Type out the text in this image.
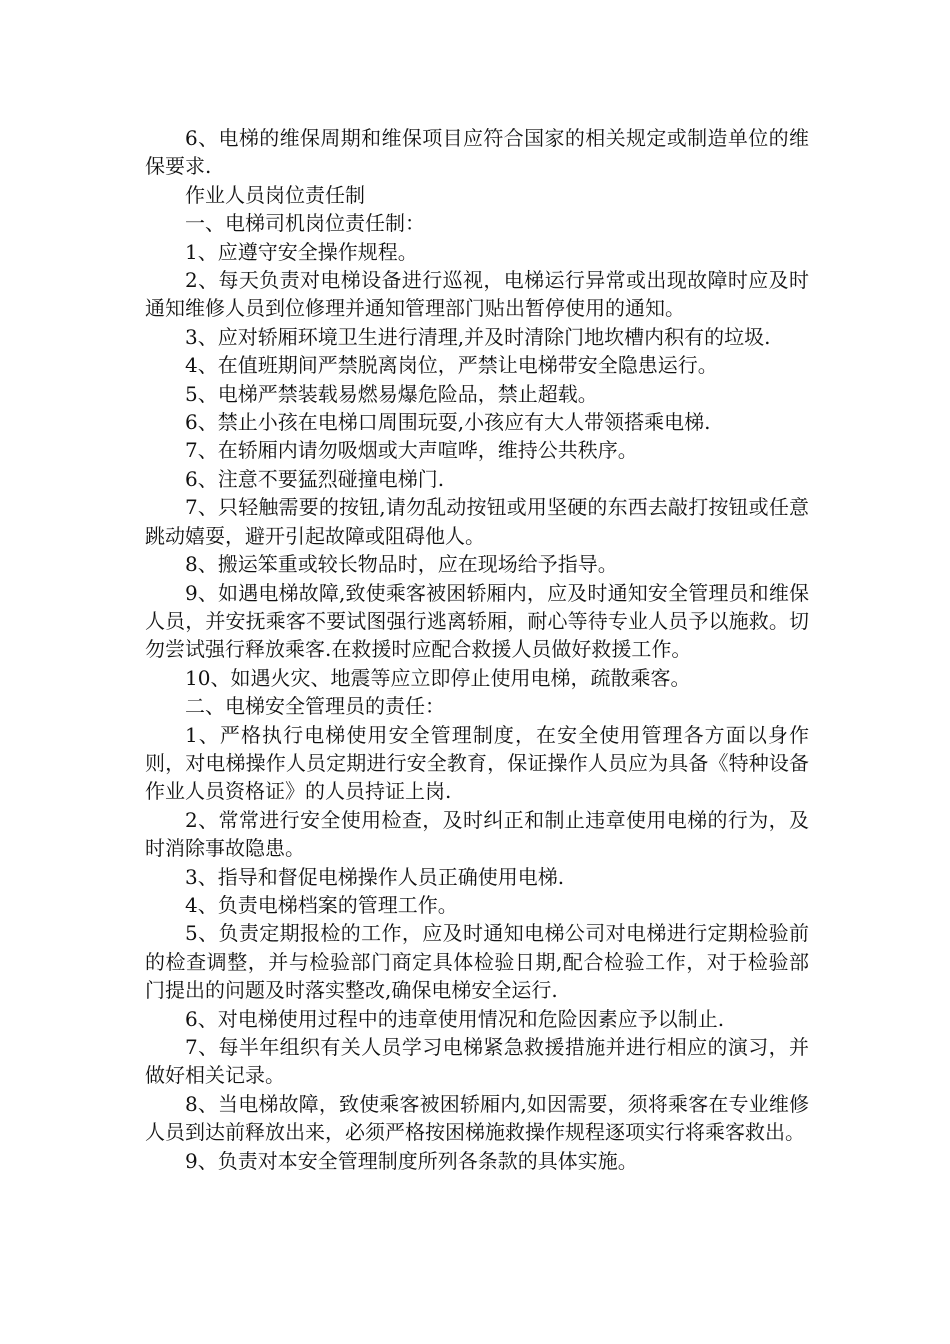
6、电梯的维保周期和维保项目应符合国家的相关规定或制造单位的维保要求.

作业人员岗位责任制

一、电梯司机岗位责任制：

1、应遵守安全操作规程。

2、每天负责对电梯设备进行巡视，电梯运行异常或出现故障时应及时通知维修人员到位修理并通知管理部门贴出暂停使用的通知。

3、应对轿厢环境卫生进行清理,并及时清除门地坎槽内积有的垃圾.

4、在值班期间严禁脱离岗位，严禁让电梯带安全隐患运行。

5、电梯严禁装载易燃易爆危险品，禁止超载。

6、禁止小孩在电梯口周围玩耍,小孩应有大人带领搭乘电梯.

7、在轿厢内请勿吸烟或大声喧哗，维持公共秩序。

6、注意不要猛烈碰撞电梯门.

7、只轻触需要的按钮,请勿乱动按钮或用坚硬的东西去敲打按钮或任意跳动嬉耍，避开引起故障或阻碍他人。

8、搬运笨重或较长物品时，应在现场给予指导。

9、如遇电梯故障,致使乘客被困轿厢内，应及时通知安全管理员和维保人员，并安抚乘客不要试图强行逃离轿厢，耐心等待专业人员予以施救。切勿尝试强行释放乘客.在救援时应配合救援人员做好救援工作。

10、如遇火灾、地震等应立即停止使用电梯，疏散乘客。

二、电梯安全管理员的责任：

1、严格执行电梯使用安全管理制度，在安全使用管理各方面以身作则，对电梯操作人员定期进行安全教育，保证操作人员应为具备《特种设备作业人员资格证》的人员持证上岗.

2、常常进行安全使用检查，及时纠正和制止违章使用电梯的行为，及时消除事故隐患。

3、指导和督促电梯操作人员正确使用电梯.

4、负责电梯档案的管理工作。

5、负责定期报检的工作，应及时通知电梯公司对电梯进行定期检验前的检查调整，并与检验部门商定具体检验日期,配合检验工作，对于检验部门提出的问题及时落实整改,确保电梯安全运行.

6、对电梯使用过程中的违章使用情况和危险因素应予以制止.

7、每半年组织有关人员学习电梯紧急救援措施并进行相应的演习，并做好相关记录。

8、当电梯故障，致使乘客被困轿厢内,如因需要，须将乘客在专业维修人员到达前释放出来，必须严格按困梯施救操作规程逐项实行将乘客救出。

9、负责对本安全管理制度所列各条款的具体实施。
